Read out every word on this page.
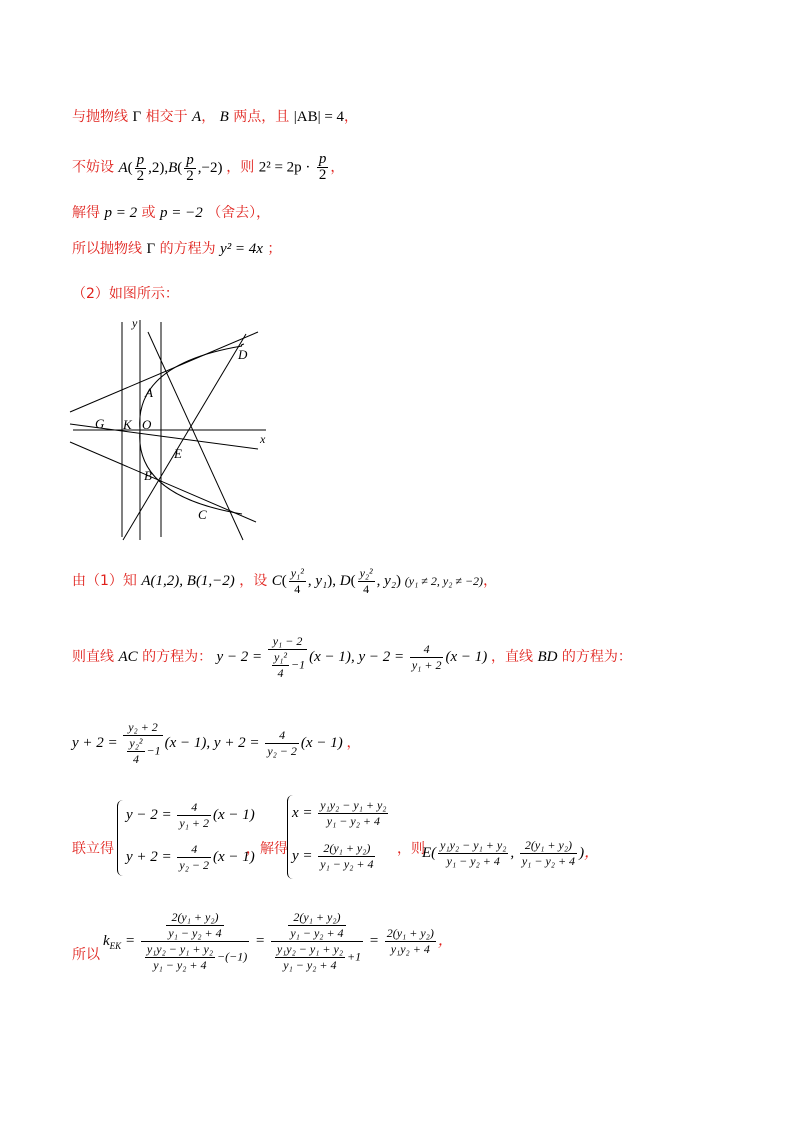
与抛物线 Γ 相交于 A， B 两点，且 |AB| = 4，
不妨设 $A( \frac{p}{2} ,2),B( \frac{p}{2} ,-2)$ ，则 $2^2 = 2p \cdot \frac{p}{2}$ ，
解得 p = 2 或 p = −2 （舍去），
所以抛物线 Γ 的方程为 y² = 4x ；
（2）如图所示：
y
D
A
G K O
E
x
B
C
由（1）知 A(1,2), B(1,−2) ，设 $C( \frac{\text{y₁²}}{4}$ , y₁), $D( \frac{\text{y₂²}}{4}$ , y₂) (y₁ ≠ 2, y₂ ≠ −2)，
则直线 AC 的方程为： $y - 2 = \frac{\text{y₁ − 2}}{\frac{\text{y₁²}}{4} -1} (x - 1)$, $y - 2 = \frac{4}{\text{y₁ + 2}} (x - 1)$ ，直线 BD 的方程为：
$y + 2 = \frac{\text{y₂ + 2}}{\frac{\text{y₂²}}{4} -1} (x - 1)$, $y + 2 = \frac{4}{\text{y₂ − 2}} (x - 1)$ ，
联立得
$y - 2 = \frac{4}{\text{y₁ + 2}} (x - 1)$
$y + 2 = \frac{4}{\text{y₂ − 2}} (x - 1)$
，解得
$x = \frac{\text{y₁y₂ − y₁ + y₂}}{\text{y₁ − y₂ + 4}}$
$y = \frac{\text{2(y₁ + y₂)}}{\text{y₁ − y₂ + 4}}$ ，则
$E( \frac{\text{y₁y₂ − y₁ + y₂}}{\text{y₁ − y₂ + 4}}$ , $\frac{\text{2(y₁ + y₂)}}{\text{y₁ − y₂ + 4}}$ )，
所以
$k_{EK} = \frac{\frac{\text{2(y₁ + y₂)}}{\text{y₁ − y₂ + 4}}}{\frac{\text{y₁y₂ − y₁ + y₂}}{\text{y₁ − y₂ + 4}} -(-1)} = \frac{\frac{\text{2(y₁ + y₂)}}{\text{y₁ − y₂ + 4}}}{\frac{\text{y₁y₂ − y₁ + y₂}}{\text{y₁ − y₂ + 4}} +1} = \frac{\text{2(y₁ + y₂)}}{\text{y₁y₂ + 4}}$ ，
